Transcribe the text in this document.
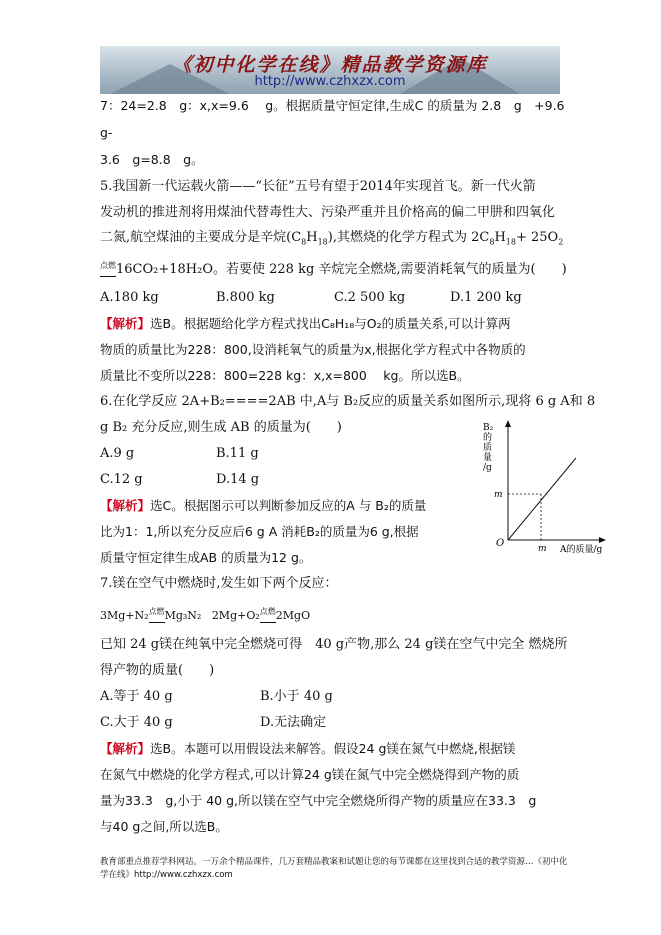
《初中化学在线》精品教学资源库
http://www.czhxzx.com
7：24=2.8　g：x,x=9.6　 g。根据质量守恒定律,生成C 的质量为 2.8　g　+9.6
g-
3.6　g=8.8　g。
5.我国新一代运载火箭——“长征”五号有望于2014年实现首飞。新一代火箭
发动机的推进剂将用煤油代替毒性大、污染严重并且价格高的偏二甲肼和四氧化
二氮,航空煤油的主要成分是辛烷$(C_8H_{18})$,其燃烧的化学方程式为 $2C_8H_{18}+ 25O_2$
点燃16CO₂+18H₂O。若要使 228 kg 辛烷完全燃烧,需要消耗氧气的质量为(　　)
A.180 kg	B.800 kg	C.2 500 kg	D.1 200 kg
【解析】选B。根据题给化学方程式找出C₈H₁₈与O₂的质量关系,可以计算两
物质的质量比为228：800,设消耗氧气的质量为x,根据化学方程式中各物质的
质量比不变所以228：800=228 kg：x,x=800　 kg。所以选B。
6.在化学反应 2A+B₂====2AB 中,A与 B₂反应的质量关系如图所示,现将 6 g A和 8
g B₂ 充分反应,则生成 AB 的质量为(　　)
A.9 g	B.11 g
C.12 g	D.14 g
【解析】选C。根据图示可以判断参加反应的A 与 B₂的质量
比为1：1,所以充分反应后6 g A 消耗B₂的质量为6 g,根据
质量守恒定律生成AB 的质量为12 g。
B₂
的
质
量
/g
m
m
O
A的质量/g
7.镁在空气中燃烧时,发生如下两个反应：
3Mg+N₂点燃Mg₃N₂ 2Mg+O₂点燃2MgO
已知 24 g镁在纯氧中完全燃烧可得　40 g产物,那么 24 g镁在空气中完全 燃烧所
得产物的质量(　　)
A.等于 40 g	B.小于 40 g
C.大于 40 g	D.无法确定
【解析】选B。本题可以用假设法来解答。假设24 g镁在氮气中燃烧,根据镁
在氮气中燃烧的化学方程式,可以计算24 g镁在氮气中完全燃烧得到产物的质
量为33.3　g,小于 40 g,所以镁在空气中完全燃烧所得产物的质量应在33.3　g
与40 g之间,所以选B。
教育部重点推荐学科网站。一万余个精品课件，几万套精品教案和试题让您的每节课都在这里找到合适的教学资源…《初中化学在线》http://www.czhxzx.com
